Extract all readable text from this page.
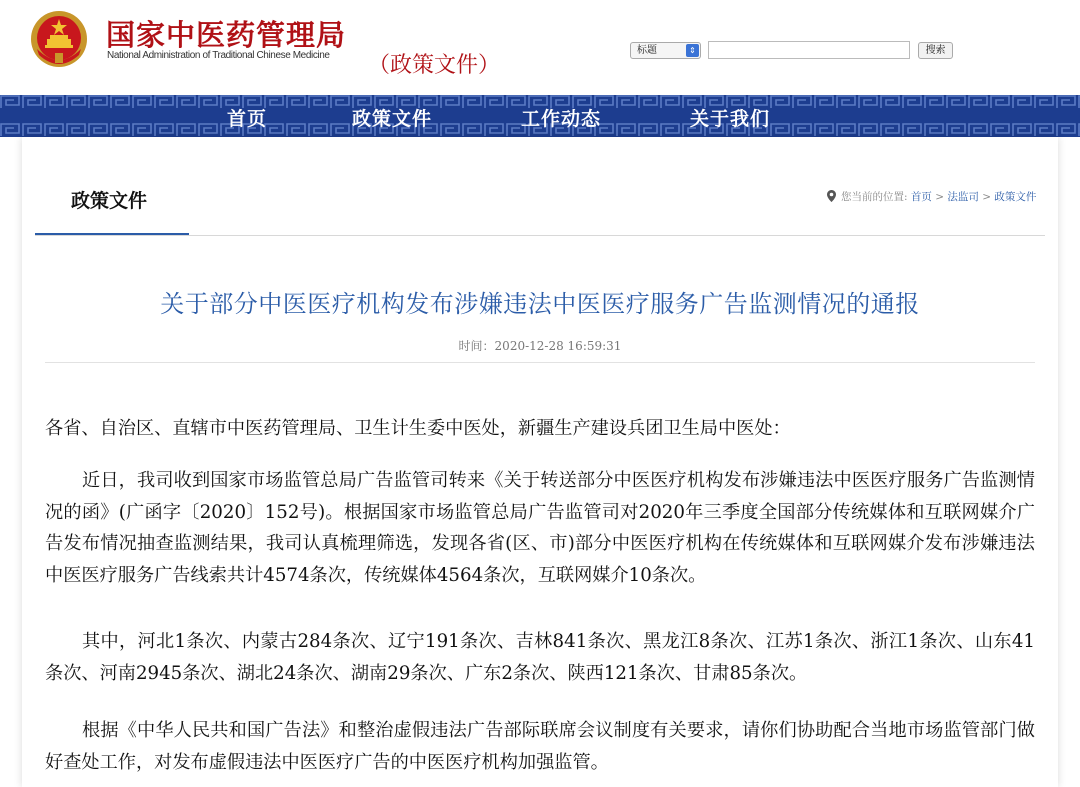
国家中医药管理局
National Administration of Traditional Chinese Medicine （政策文件）
标题	⇕	搜索
首页	政策文件	工作动态	关于我们
政策文件	您当前的位置: 首页 > 法监司 > 政策文件
关于部分中医医疗机构发布涉嫌违法中医医疗服务广告监测情况的通报
时间：2020-12-28 16:59:31
各省、自治区、直辖市中医药管理局、卫生计生委中医处，新疆生产建设兵团卫生局中医处：
近日，我司收到国家市场监管总局广告监管司转来《关于转送部分中医医疗机构发布涉嫌违法中医医疗服务广告监测情况的函》(广函字〔2020〕152号)。根据国家市场监管总局广告监管司对2020年三季度全国部分传统媒体和互联网媒介广告发布情况抽查监测结果，我司认真梳理筛选，发现各省(区、市)部分中医医疗机构在传统媒体和互联网媒介发布涉嫌违法中医医疗服务广告线索共计4574条次，传统媒体4564条次，互联网媒介10条次。
其中，河北1条次、内蒙古284条次、辽宁191条次、吉林841条次、黑龙江8条次、江苏1条次、浙江1条次、山东41条次、河南2945条次、湖北24条次、湖南29条次、广东2条次、陕西121条次、甘肃85条次。
根据《中华人民共和国广告法》和整治虚假违法广告部际联席会议制度有关要求，请你们协助配合当地市场监管部门做好查处工作，对发布虚假违法中医医疗广告的中医医疗机构加强监管。
